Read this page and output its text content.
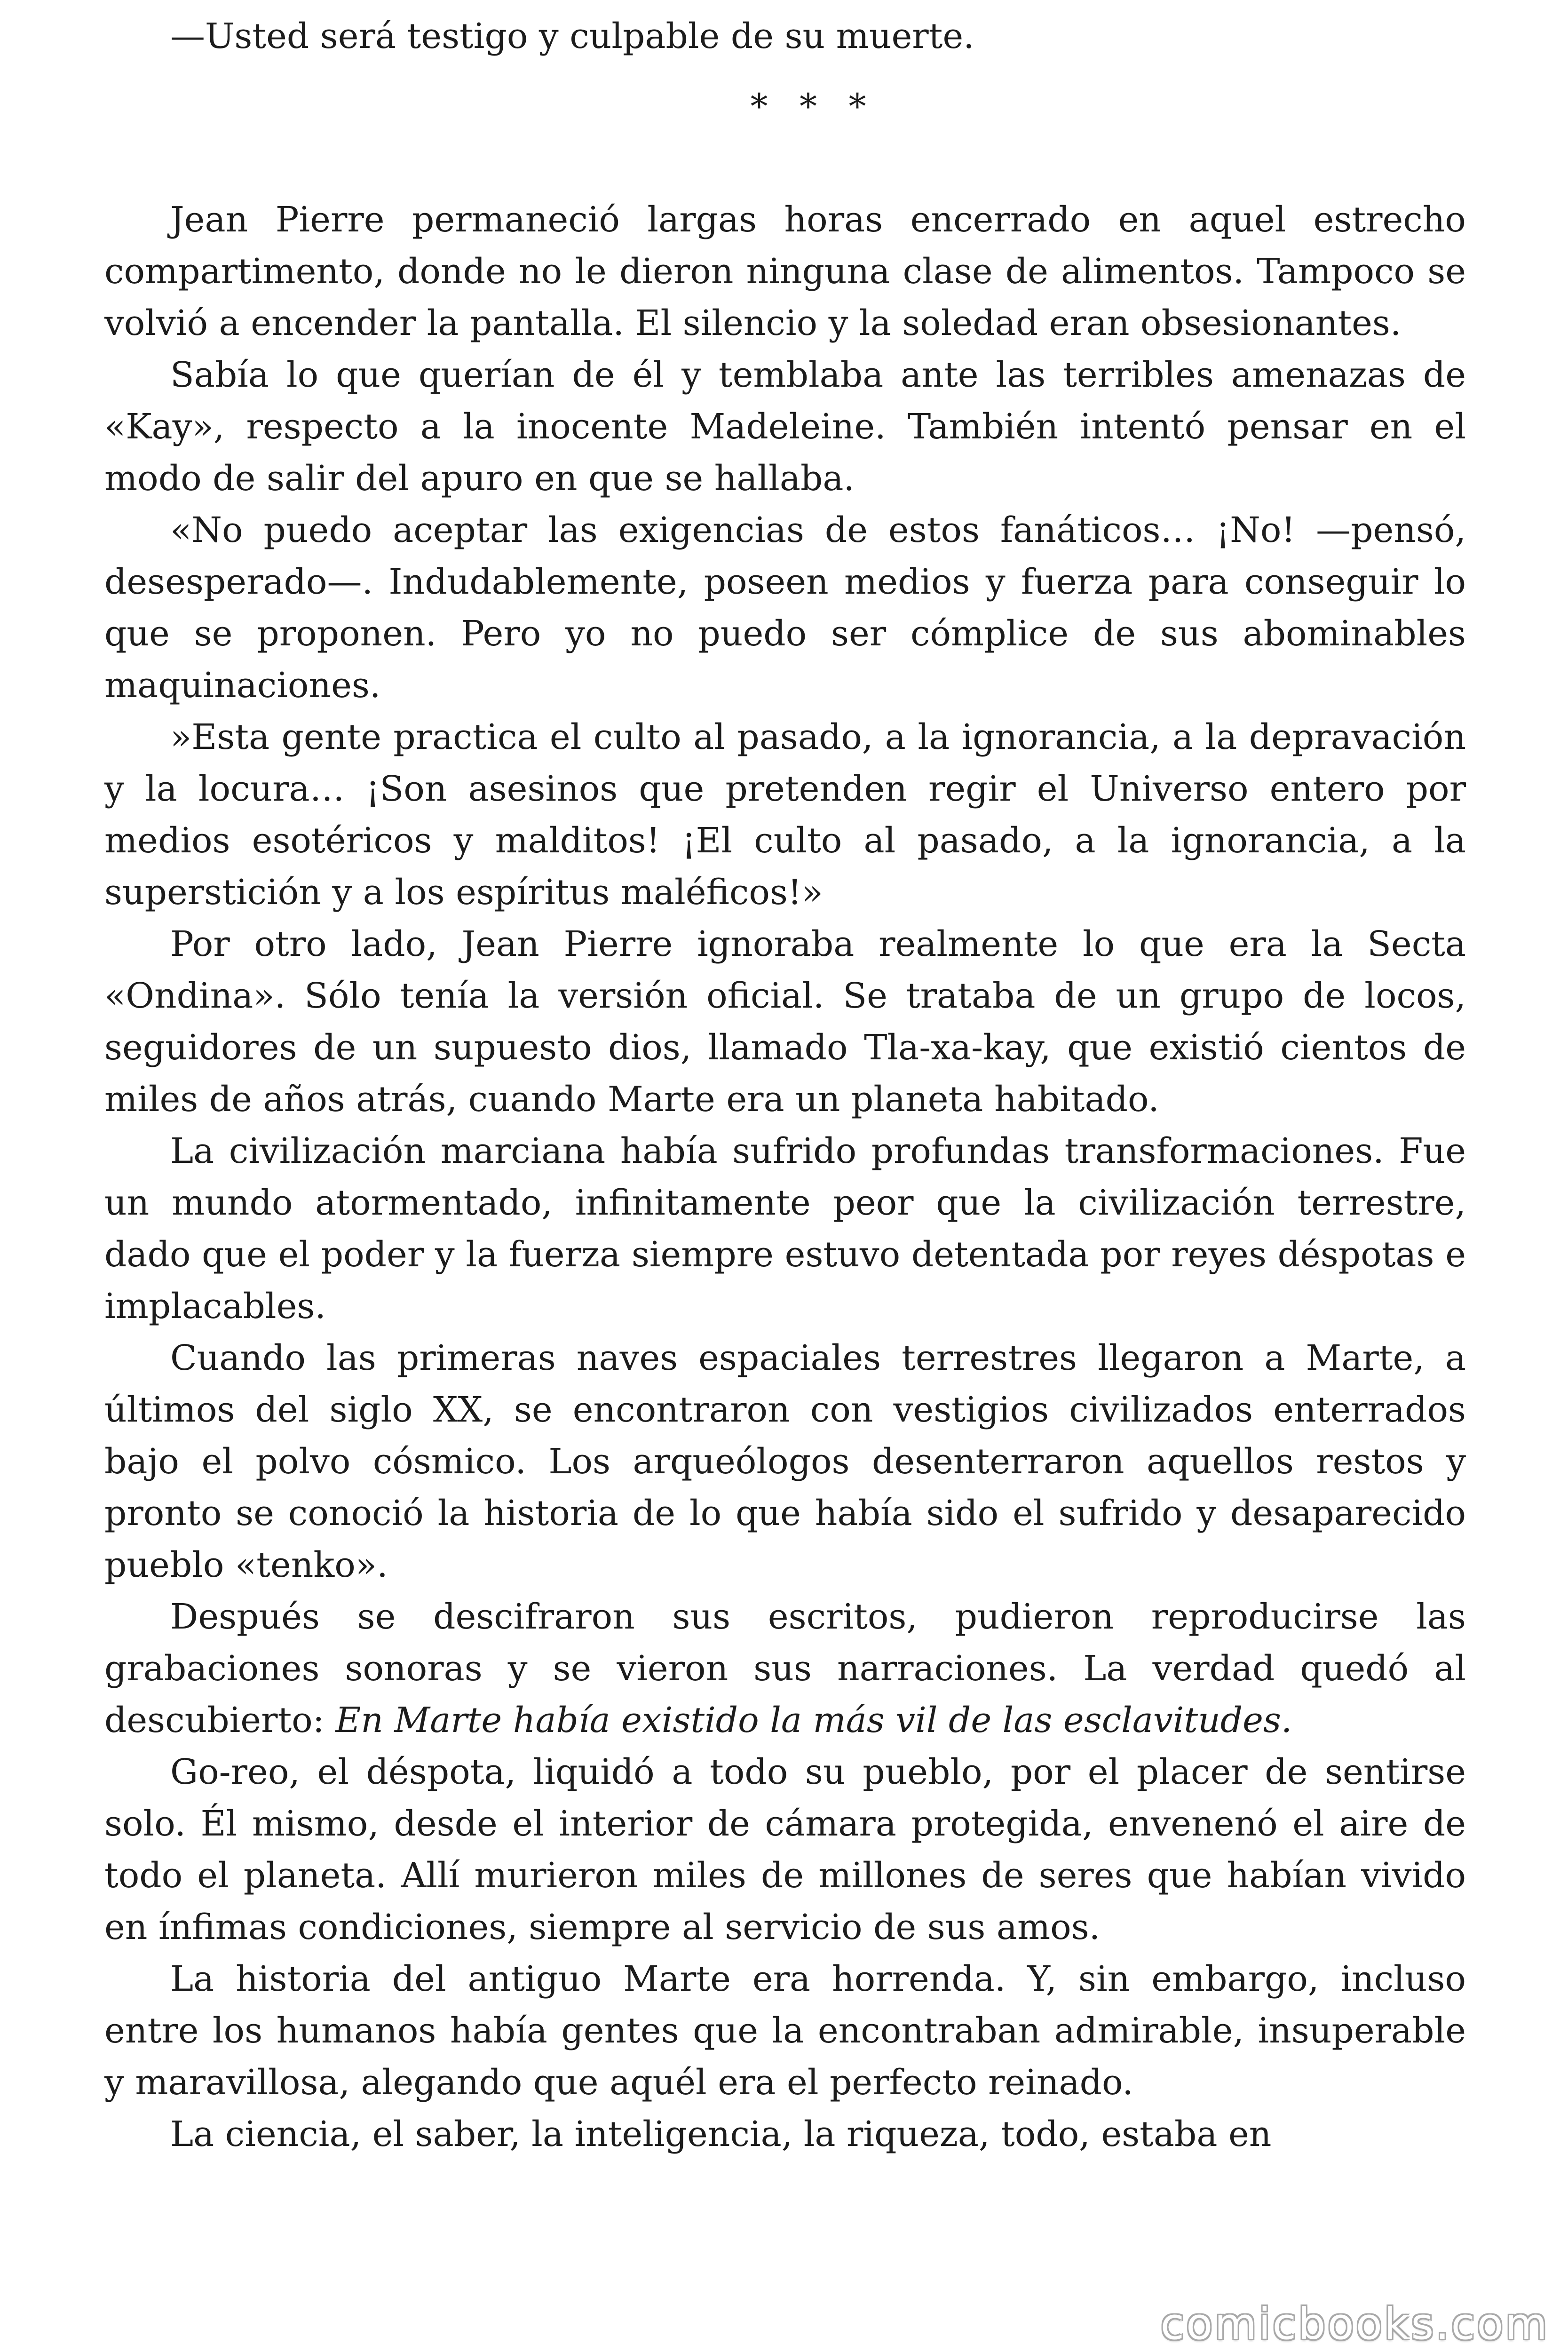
—Usted será testigo y culpable de su muerte.

* * *

Jean Pierre permaneció largas horas encerrado en aquel estrecho compartimento, donde no le dieron ninguna clase de alimentos. Tampoco se volvió a encender la pantalla. El silencio y la soledad eran obsesionantes.

Sabía lo que querían de él y temblaba ante las terribles amenazas de «Kay», respecto a la inocente Madeleine. También intentó pensar en el modo de salir del apuro en que se hallaba.

«No puedo aceptar las exigencias de estos fanáticos… ¡No! —pensó, desesperado—. Indudablemente, poseen medios y fuerza para conseguir lo que se proponen. Pero yo no puedo ser cómplice de sus abominables maquinaciones.

»Esta gente practica el culto al pasado, a la ignorancia, a la depravación y la locura… ¡Son asesinos que pretenden regir el Universo entero por medios esotéricos y malditos! ¡El culto al pasado, a la ignorancia, a la superstición y a los espíritus maléficos!»

Por otro lado, Jean Pierre ignoraba realmente lo que era la Secta «Ondina». Sólo tenía la versión oficial. Se trataba de un grupo de locos, seguidores de un supuesto dios, llamado Tla-xa-kay, que existió cientos de miles de años atrás, cuando Marte era un planeta habitado.

La civilización marciana había sufrido profundas transformaciones. Fue un mundo atormentado, infinitamente peor que la civilización terrestre, dado que el poder y la fuerza siempre estuvo detentada por reyes déspotas e implacables.

Cuando las primeras naves espaciales terrestres llegaron a Marte, a últimos del siglo XX, se encontraron con vestigios civilizados enterrados bajo el polvo cósmico. Los arqueólogos desenterraron aquellos restos y pronto se conoció la historia de lo que había sido el sufrido y desaparecido pueblo «tenko».

Después se descifraron sus escritos, pudieron reproducirse las grabaciones sonoras y se vieron sus narraciones. La verdad quedó al descubierto: En Marte había existido la más vil de las esclavitudes.

Go-reo, el déspota, liquidó a todo su pueblo, por el placer de sentirse solo. Él mismo, desde el interior de cámara protegida, envenenó el aire de todo el planeta. Allí murieron miles de millones de seres que habían vivido en ínfimas condiciones, siempre al servicio de sus amos.

La historia del antiguo Marte era horrenda. Y, sin embargo, incluso entre los humanos había gentes que la encontraban admirable, insuperable y maravillosa, alegando que aquél era el perfecto reinado.

La ciencia, el saber, la inteligencia, la riqueza, todo, estaba en

comicbooks.com
